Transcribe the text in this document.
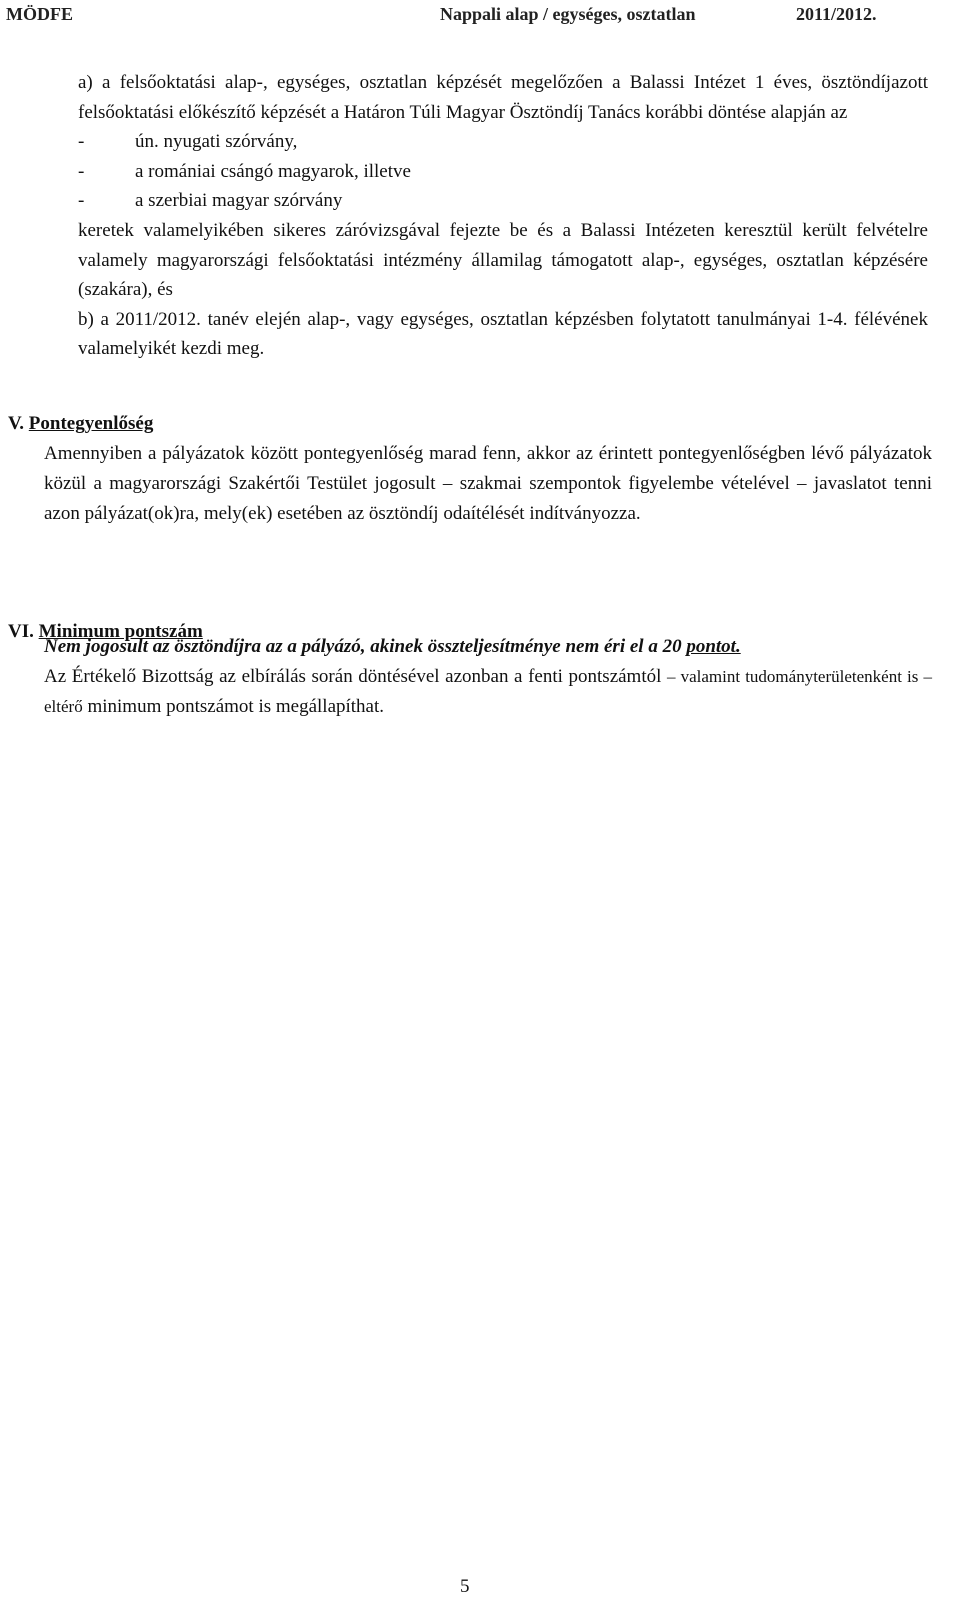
MÖDFE	Nappali alap / egységes, osztatlan	2011/2012.

a) a felsőoktatási alap-, egységes, osztatlan képzését megelőzően a Balassi Intézet 1 éves, ösztöndíjazott felsőoktatási előkészítő képzését a Határon Túli Magyar Ösztöndíj Tanács korábbi döntése alapján az

-	ún. nyugati szórvány,
-	a romániai csángó magyarok, illetve
-	a szerbiai magyar szórvány

keretek valamelyikében sikeres záróvizsgával fejezte be és a Balassi Intézeten keresztül került felvételre valamely magyarországi felsőoktatási intézmény államilag támogatott alap-, egységes, osztatlan képzésére (szakára), és

b) a 2011/2012. tanév elején alap-, vagy egységes, osztatlan képzésben folytatott tanulmányai 1-4. félévének valamelyikét kezdi meg.

V. Pontegyenlőség

Amennyiben a pályázatok között pontegyenlőség marad fenn, akkor az érintett pontegyenlőségben lévő pályázatok közül a magyarországi Szakértői Testület jogosult – szakmai szempontok figyelembe vételével – javaslatot tenni azon pályázat(ok)ra, mely(ek) esetében az ösztöndíj odaítélését indítványozza.

VI. Minimum pontszám

Nem jogosult az ösztöndíjra az a pályázó, akinek összteljesítménye nem éri el a 20 pontot.

Az Értékelő Bizottság az elbírálás során döntésével azonban a fenti pontszámtól – valamint tudományterületenként is – eltérő minimum pontszámot is megállapíthat.

5
